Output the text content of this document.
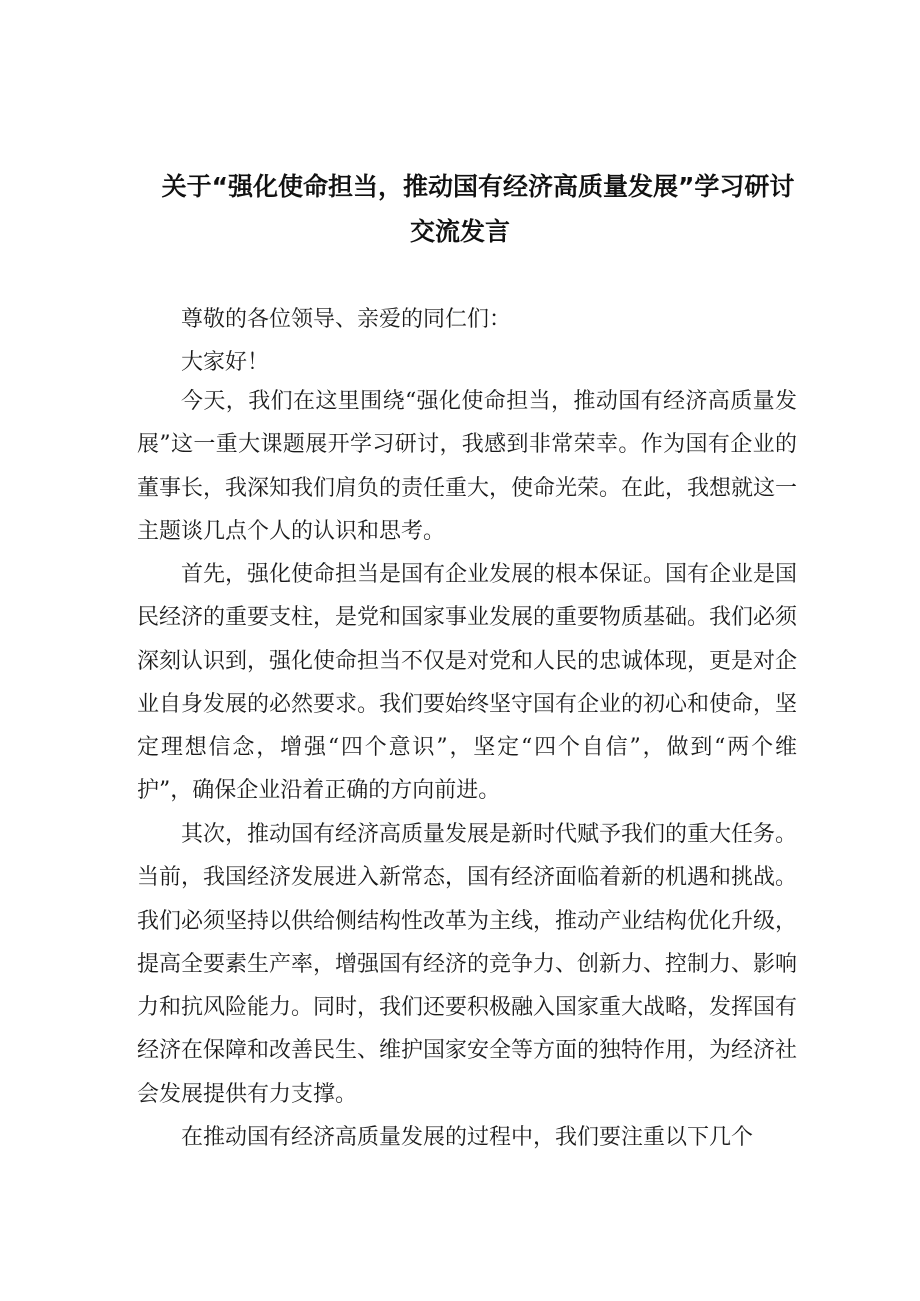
关于“强化使命担当，推动国有经济高质量发展”学习研讨
交流发言
尊敬的各位领导、亲爱的同仁们：
大家好！

今天，我们在这里围绕“强化使命担当，推动国有经济高质量发展”这一重大课题展开学习研讨，我感到非常荣幸。作为国有企业的董事长，我深知我们肩负的责任重大，使命光荣。在此，我想就这一主题谈几点个人的认识和思考。

首先，强化使命担当是国有企业发展的根本保证。国有企业是国民经济的重要支柱，是党和国家事业发展的重要物质基础。我们必须深刻认识到，强化使命担当不仅是对党和人民的忠诚体现，更是对企业自身发展的必然要求。我们要始终坚守国有企业的初心和使命，坚定理想信念，增强“四个意识”，坚定“四个自信”，做到“两个维护”，确保企业沿着正确的方向前进。

其次，推动国有经济高质量发展是新时代赋予我们的重大任务。当前，我国经济发展进入新常态，国有经济面临着新的机遇和挑战。我们必须坚持以供给侧结构性改革为主线，推动产业结构优化升级，提高全要素生产率，增强国有经济的竞争力、创新力、控制力、影响力和抗风险能力。同时，我们还要积极融入国家重大战略，发挥国有经济在保障和改善民生、维护国家安全等方面的独特作用，为经济社会发展提供有力支撑。

在推动国有经济高质量发展的过程中，我们要注重以下几个
